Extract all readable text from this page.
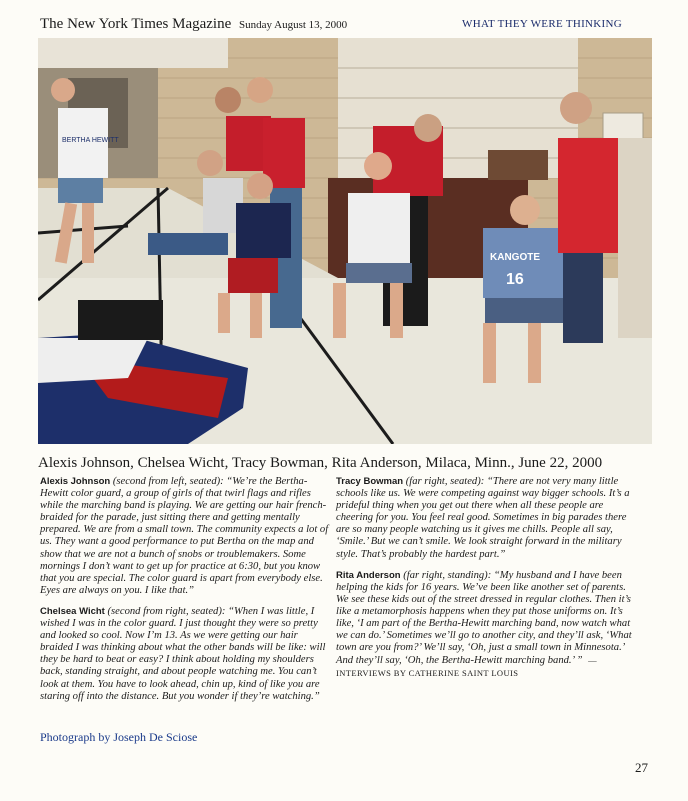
The New York Times Magazine Sunday August 13, 2000	WHAT THEY WERE THINKING
BERTHA HEWITT
KANGOTE
16
Alexis Johnson, Chelsea Wicht, Tracy Bowman, Rita Anderson, Milaca, Minn., June 22, 2000

Alexis Johnson (second from left, seated): “We’re the Bertha-Hewitt color guard, a group of girls of that twirl flags and rifles while the marching band is playing. We are getting our hair french-braided for the parade, just sitting there and getting mentally prepared. We are from a small town. The community expects a lot of us. They want a good performance to put Bertha on the map and show that we are not a bunch of snobs or troublemakers. Some mornings I don’t want to get up for practice at 6:30, but you know that you are special. The color guard is apart from everybody else. Eyes are always on you. I like that.”

Chelsea Wicht (second from right, seated): “When I was little, I wished I was in the color guard. I just thought they were so pretty and looked so cool. Now I’m 13. As we were getting our hair braided I was thinking about what the other bands will be like: will they be hard to beat or easy? I think about holding my shoulders back, standing straight, and about people watching me. You can’t look at them. You have to look ahead, chin up, kind of like you are staring off into the distance. But you wonder if they’re watching.”

Tracy Bowman (far right, seated): “There are not very many little schools like us. We were competing against way bigger schools. It’s a prideful thing when you get out there when all these people are cheering for you. You feel real good. Sometimes in big parades there are so many people watching us it gives me chills. People all say, ‘Smile.’ But we can’t smile. We look straight forward in the military style. That’s probably the hardest part.”

Rita Anderson (far right, standing): “My husband and I have been helping the kids for 16 years. We’ve been like another set of parents. We see these kids out of the street dressed in regular clothes. Then it’s like a metamorphosis happens when they put those uniforms on. It’s like, ‘I am part of the Bertha-Hewitt marching band, now watch what we can do.’ Sometimes we’ll go to another city, and they’ll ask, ‘What town are you from?’ We’ll say, ‘Oh, just a small town in Minnesota.’ And they’ll say, ‘Oh, the Bertha-Hewitt marching band.’ ” —INTERVIEWS BY CATHERINE SAINT LOUIS

Photograph by Joseph De Sciose
27
